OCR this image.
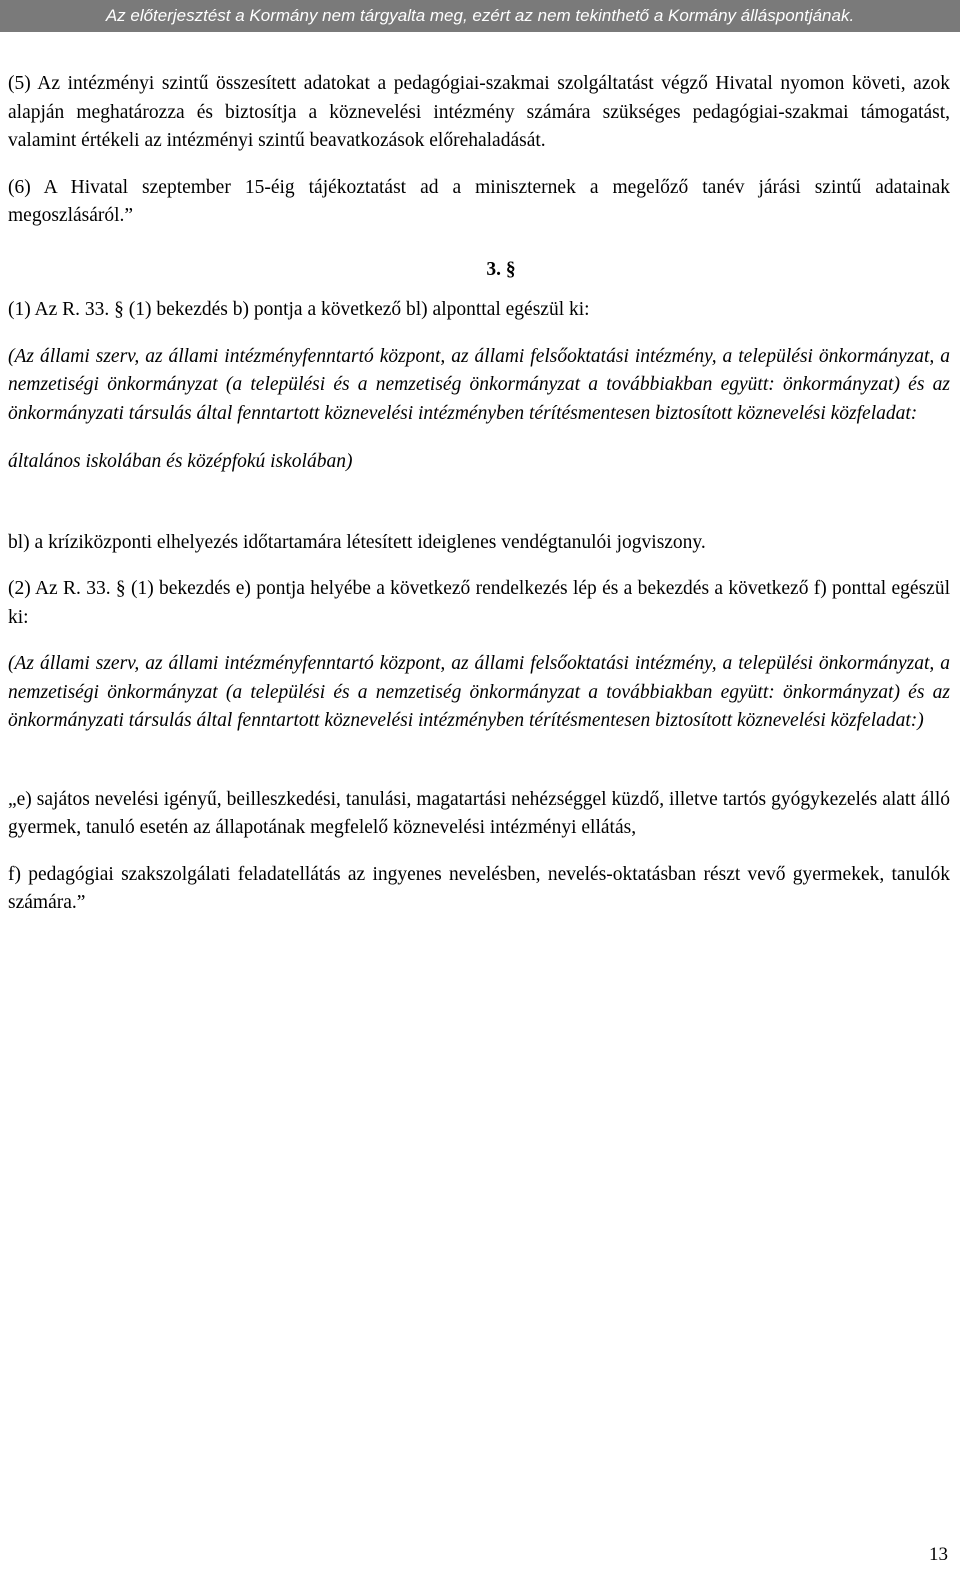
Az előterjesztést a Kormány nem tárgyalta meg, ezért az nem tekinthető a Kormány álláspontjának.

(5) Az intézményi szintű összesített adatokat a pedagógiai-szakmai szolgáltatást végző Hivatal nyomon követi, azok alapján meghatározza és biztosítja a köznevelési intézmény számára szükséges pedagógiai-szakmai támogatást, valamint értékeli az intézményi szintű beavatkozások előrehaladását.

(6) A Hivatal szeptember 15-éig tájékoztatást ad a miniszternek a megelőző tanév járási szintű adatainak megoszlásáról.”

3. §

(1) Az R. 33. § (1) bekezdés b) pontja a következő bl) alponttal egészül ki:

(Az állami szerv, az állami intézményfenntartó központ, az állami felsőoktatási intézmény, a települési önkormányzat, a nemzetiségi önkormányzat (a települési és a nemzetiség önkormányzat a továbbiakban együtt: önkormányzat) és az önkormányzati társulás által fenntartott köznevelési intézményben térítésmentesen biztosított köznevelési közfeladat:

általános iskolában és középfokú iskolában)

bl) a kríziközponti elhelyezés időtartamára létesített ideiglenes vendégtanulói jogviszony.

(2) Az R. 33. § (1) bekezdés e) pontja helyébe a következő rendelkezés lép és a bekezdés a következő f) ponttal egészül ki:

(Az állami szerv, az állami intézményfenntartó központ, az állami felsőoktatási intézmény, a települési önkormányzat, a nemzetiségi önkormányzat (a települési és a nemzetiség önkormányzat a továbbiakban együtt: önkormányzat) és az önkormányzati társulás által fenntartott köznevelési intézményben térítésmentesen biztosított köznevelési közfeladat:)

„e) sajátos nevelési igényű, beilleszkedési, tanulási, magatartási nehézséggel küzdő, illetve tartós gyógykezelés alatt álló gyermek, tanuló esetén az állapotának megfelelő köznevelési intézményi ellátás,

f) pedagógiai szakszolgálati feladatellátás az ingyenes nevelésben, nevelés-oktatásban részt vevő gyermekek, tanulók számára.”

13
